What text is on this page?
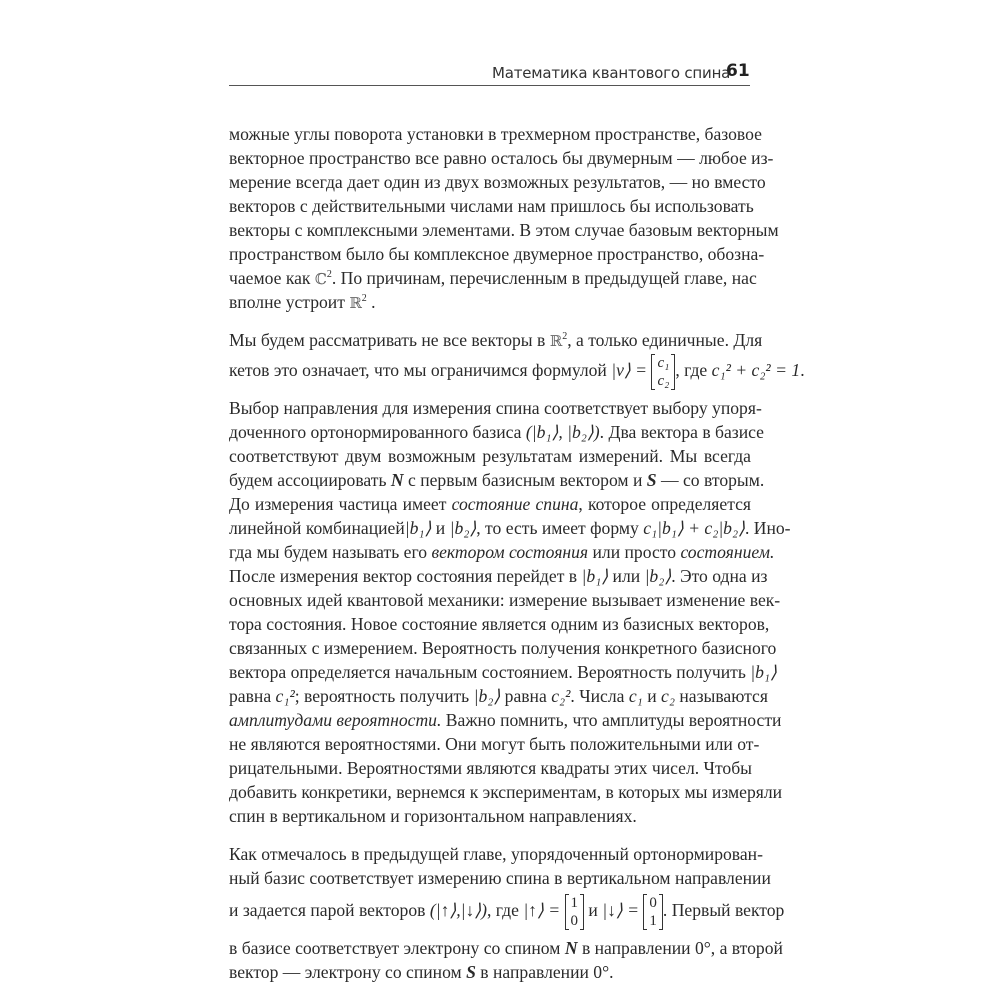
Математика квантового спина
61
можные углы поворота установки в трехмерном пространстве, базовое
векторное пространство все равно осталось бы двумерным — любое из-
мерение всегда дает один из двух возможных результатов, — но вместо
векторов с действительными числами нам пришлось бы использовать
векторы с комплексными элементами. В этом случае базовым векторным
пространством было бы комплексное двумерное пространство, обозна-
чаемое как ℂ$^2$. По причинам, перечисленным в предыдущей главе, нас
вполне устроит ℝ$^2$ .
Мы будем рассматривать не все векторы в ℝ$^2$, а только единичные. Для
кетов это означает, что мы ограничимся формулой |v⟩ = c₁
c₂
, где c₁² + c₂² = 1.
Выбор направления для измерения спина соответствует выбору упоря-
доченного ортонормированного базиса (|b₁⟩, |b₂⟩). Два вектора в базисе
соответствуют двум возможным результатам измерений. Мы всегда
будем ассоциировать N с первым базисным вектором и S — со вторым.
До измерения частица имеет состояние спина, которое определяется
линейной комбинацией|b₁⟩ и |b₂⟩, то есть имеет форму c₁|b₁⟩ + c₂|b₂⟩. Ино-
гда мы будем называть его вектором состояния или просто состоянием.
После измерения вектор состояния перейдет в |b₁⟩ или |b₂⟩. Это одна из
основных идей квантовой механики: измерение вызывает изменение век-
тора состояния. Новое состояние является одним из базисных векторов,
связанных с измерением. Вероятность получения конкретного базисного
вектора определяется начальным состоянием. Вероятность получить |b₁⟩
равна c₁²; вероятность получить |b₂⟩ равна c₂². Числа c₁ и c₂ называются
амплитудами вероятности. Важно помнить, что амплитуды вероятности
не являются вероятностями. Они могут быть положительными или от-
рицательными. Вероятностями являются квадраты этих чисел. Чтобы
добавить конкретики, вернемся к экспериментам, в которых мы измеряли
спин в вертикальном и горизонтальном направлениях.
Как отмечалось в предыдущей главе, упорядоченный ортонормирован-
ный базис соответствует измерению спина в вертикальном направлении
и задается парой векторов (|↑⟩,|↓⟩), где |↑⟩ = 1
0
и |↓⟩ = 0
1
. Первый вектор
в базисе соответствует электрону со спином N в направлении 0°, а второй
вектор — электрону со спином S в направлении 0°.
